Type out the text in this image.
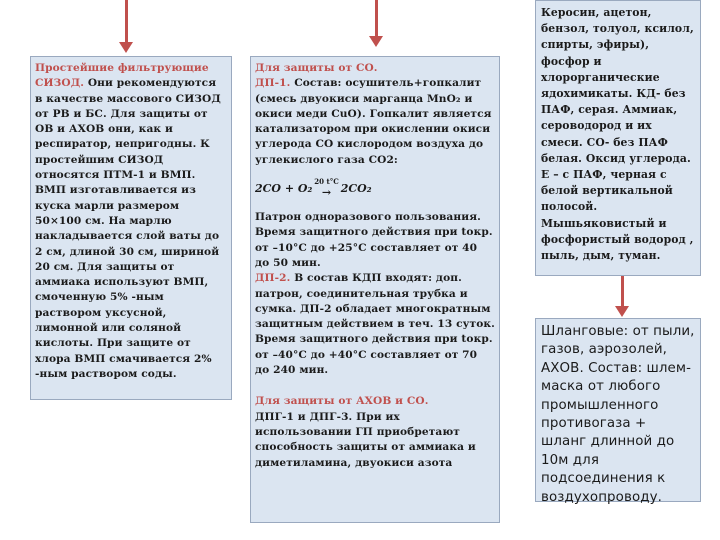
Простейшие фильтрующие СИЗОД. Они рекомендуются в качестве массового СИЗОД от РВ и БС. Для защиты от ОВ и АХОВ они, как и респиратор, непригодны. К простейшим СИЗОД относятся ПТМ-1 и ВМП. ВМП изготавливается из куска марли размером 50×100 см. На марлю накладывается слой ваты до 2 см, длиной 30 см, шириной 20 см. Для защиты от аммиака используют ВМП, смоченную 5% -ным раствором уксусной, лимонной или соляной кислоты. При защите от хлора ВМП смачивается 2% -ным раствором соды.

Для защиты от СО.

ДП-1. Состав: осушитель+гопкалит (смесь двуокиси марганца MnO₂ и окиси меди CuO). Гопкалит является катализатором при окислении окиси углерода СО кислородом воздуха до углекислого газа СО2:

2CO + O₂
20 t°C
→ 2CO₂

Патрон одноразового пользования. Время защитного действия при tокр. от –10°С до +25°С составляет от 40 до 50 мин.

ДП-2. В состав КДП входят: доп. патрон, соединительная трубка и сумка. ДП-2 обладает многократным защитным действием в теч. 13 суток. Время защитного действия при tокр. от –40°С до +40°С составляет от 70 до 240 мин.

Для защиты от АХОВ и СО.

ДПГ-1 и ДПГ-3. При их использовании ГП приобретают способность защиты от аммиака и диметиламина, двуокиси азота

Керосин, ацетон, бензол, толуол, ксилол, спирты, эфиры), фосфор и хлорорганические ядохимикаты. КД- без ПАФ, серая. Аммиак, сероводород и их смеси. СО- без ПАФ белая. Оксид углерода. Е – с ПАФ, черная с белой вертикальной полосой. Мышьяковистый и фосфористый водород , пыль, дым, туман.

Шланговые: от пыли, газов, аэрозолей, АХОВ. Состав: шлем-маска от любого промышленного противогаза + шланг длинной до 10м для подсоединения к воздухопроводу.
